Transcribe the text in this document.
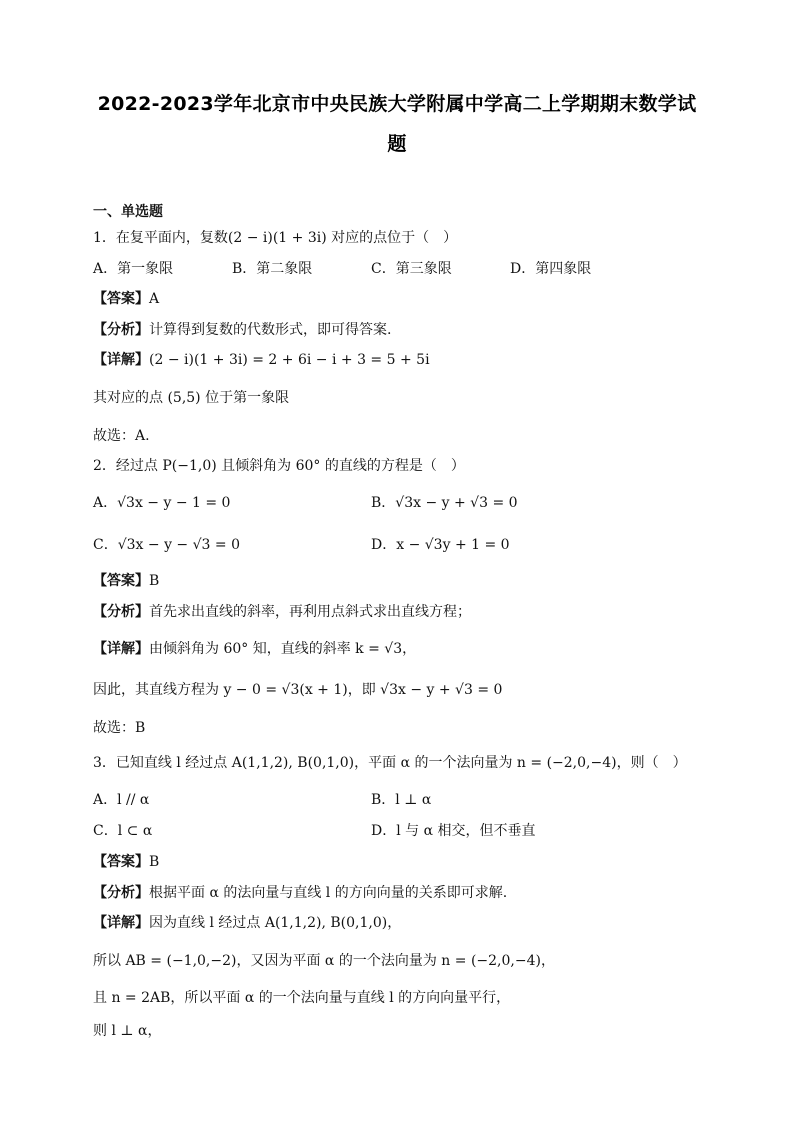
2022-2023学年北京市中央民族大学附属中学高二上学期期末数学试
题
一、单选题
1．在复平面内，复数(2 − i)(1 + 3i) 对应的点位于（　）
A．第一象限	B．第二象限	C．第三象限	D．第四象限
【答案】A
【分析】计算得到复数的代数形式，即可得答案.
【详解】(2 − i)(1 + 3i) = 2 + 6i − i + 3 = 5 + 5i
其对应的点 (5,5) 位于第一象限
故选：A.
2．经过点 P(−1,0) 且倾斜角为 60° 的直线的方程是（　）
A．√3x − y − 1 = 0	B．√3x − y + √3 = 0
C．√3x − y − √3 = 0	D．x − √3y + 1 = 0
【答案】B
【分析】首先求出直线的斜率，再利用点斜式求出直线方程；
【详解】由倾斜角为 60° 知，直线的斜率 k = √3，
因此，其直线方程为 y − 0 = √3(x + 1)，即 √3x − y + √3 = 0
故选：B
3．已知直线 l 经过点 A(1,1,2), B(0,1,0)，平面 α 的一个法向量为 n = (−2,0,−4)，则（　）
A．l // α	B．l ⊥ α
C．l ⊂ α	D．l 与 α 相交，但不垂直
【答案】B
【分析】根据平面 α 的法向量与直线 l 的方向向量的关系即可求解.
【详解】因为直线 l 经过点 A(1,1,2), B(0,1,0)，
所以 AB = (−1,0,−2)，又因为平面 α 的一个法向量为 n = (−2,0,−4)，
且 n = 2AB，所以平面 α 的一个法向量与直线 l 的方向向量平行，
则 l ⊥ α，
